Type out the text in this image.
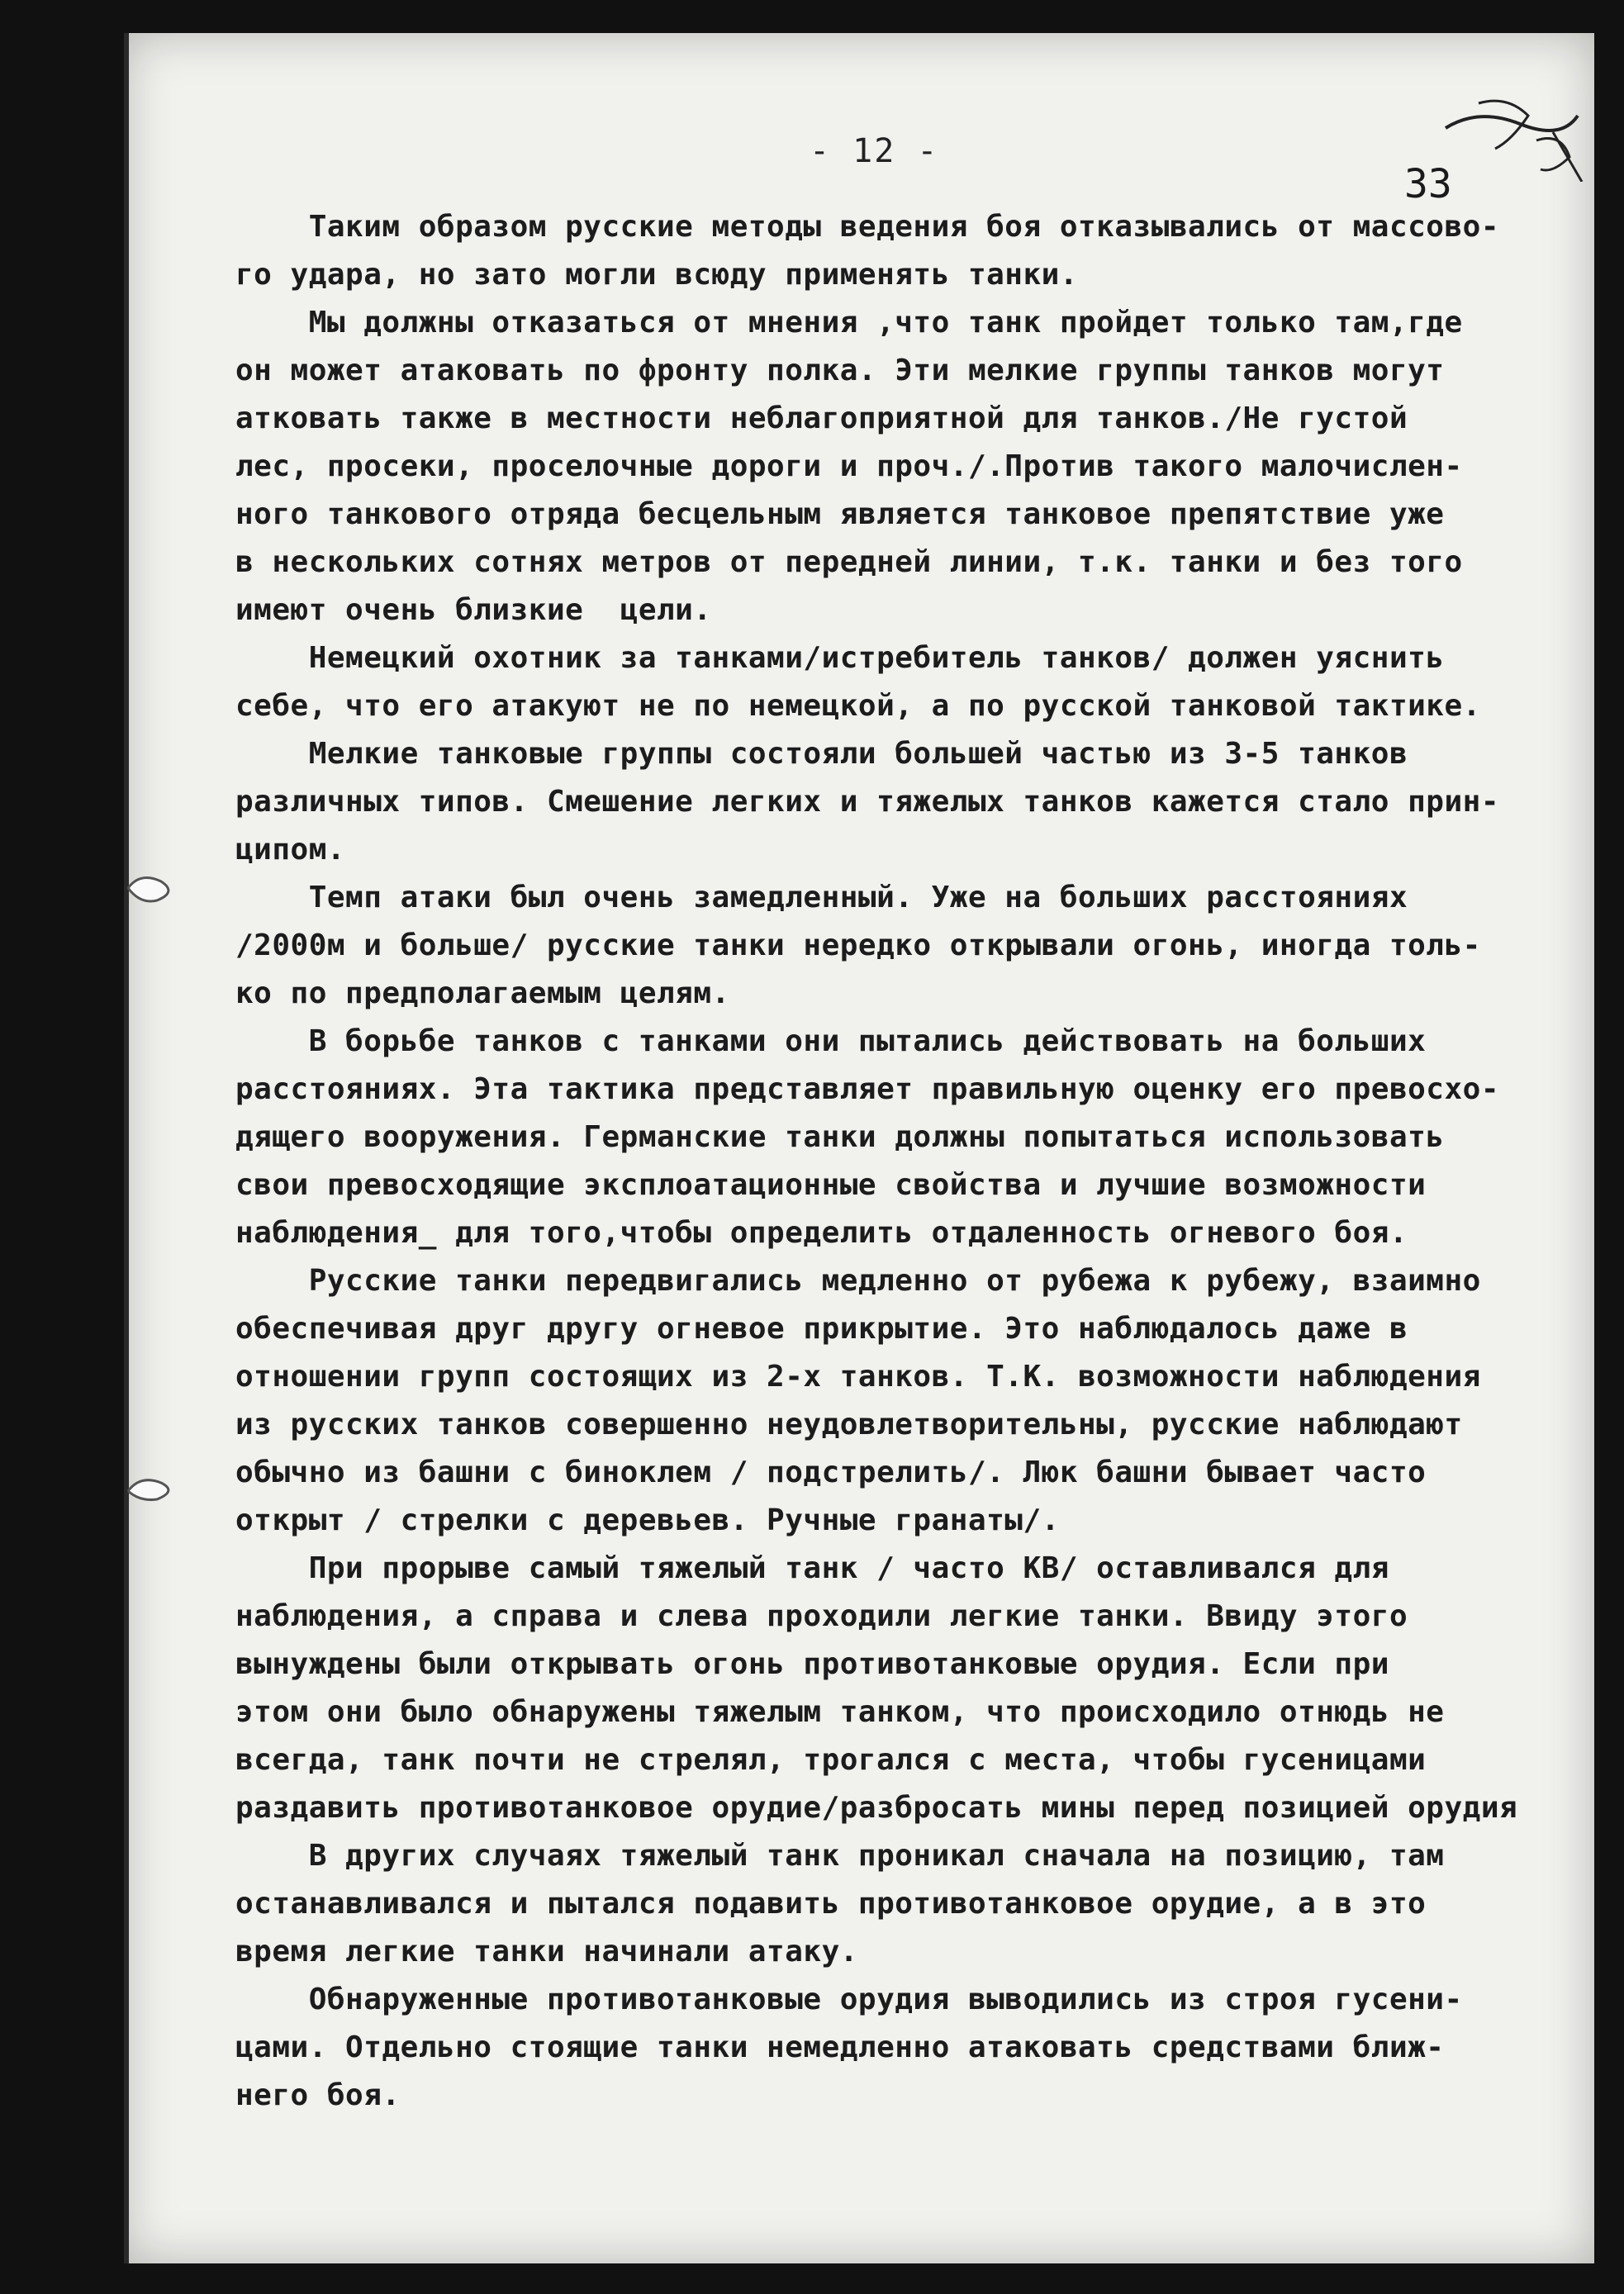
- 12 -
33
Таким образом русские методы ведения боя отказывались от массово-
го удара, но зато могли всюду применять танки.
Мы должны отказаться от мнения ,что танк пройдет только там,где
он может атаковать по фронту полка. Эти мелкие группы танков могут
атковать также в местности неблагоприятной для танков./Не густой
лес, просеки, проселочные дороги и проч./.Против такого малочислен-
ного танкового отряда бесцельным является танковое препятствие уже
в нескольких сотнях метров от передней линии, т.к. танки и без того
имеют очень близкие  цели.
Немецкий охотник за танками/истребитель танков/ должен уяснить
себе, что его атакуют не по немецкой, а по русской танковой тактике.
Мелкие танковые группы состояли большей частью из 3-5 танков
различных типов. Смешение легких и тяжелых танков кажется стало прин-
ципом.
Темп атаки был очень замедленный. Уже на больших расстояниях
/2000м и больше/ русские танки нередко открывали огонь, иногда толь-
ко по предполагаемым целям.
В борьбе танков с танками они пытались действовать на больших
расстояниях. Эта тактика представляет правильную оценку его превосхо-
дящего вооружения. Германские танки должны попытаться использовать
свои превосходящие эксплоатационные свойства и лучшие возможности
наблюдения_ для того,чтобы определить отдаленность огневого боя.
Русские танки передвигались медленно от рубежа к рубежу, взаимно
обеспечивая друг другу огневое прикрытие. Это наблюдалось даже в
отношении групп состоящих из 2-х танков. Т.К. возможности наблюдения
из русских танков совершенно неудовлетворительны, русские наблюдают
обычно из башни с биноклем / подстрелить/. Люк башни бывает часто
открыт / стрелки с деревьев. Ручные гранаты/.
При прорыве самый тяжелый танк / часто КВ/ оставливался для
наблюдения, а справа и слева проходили легкие танки. Ввиду этого
вынуждены были открывать огонь противотанковые орудия. Если при
этом они было обнаружены тяжелым танком, что происходило отнюдь не
всегда, танк почти не стрелял, трогался с места, чтобы гусеницами
раздавить противотанковое орудие/разбросать мины перед позицией орудия
В других случаях тяжелый танк проникал сначала на позицию, там
останавливался и пытался подавить противотанковое орудие, а в это
время легкие танки начинали атаку.
Обнаруженные противотанковые орудия выводились из строя гусени-
цами. Отдельно стоящие танки немедленно атаковать средствами ближ-
него боя.
